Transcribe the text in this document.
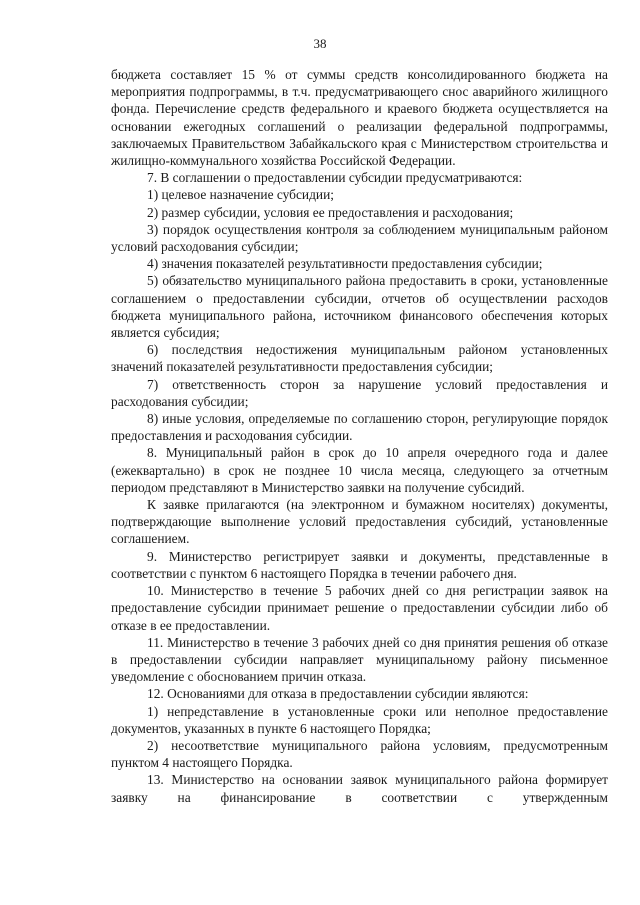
38

бюджета составляет 15 % от суммы средств консолидированного бюджета на мероприятия подпрограммы, в т.ч. предусматривающего снос аварийного жилищного фонда. Перечисление средств федерального и краевого бюджета осуществляется на основании ежегодных соглашений о реализации федеральной подпрограммы, заключаемых Правительством Забайкальского края с Министерством строительства и жилищно-коммунального хозяйства Российской Федерации.

7. В соглашении о предоставлении субсидии предусматриваются:

1) целевое назначение субсидии;

2) размер субсидии, условия ее предоставления и расходования;

3) порядок осуществления контроля за соблюдением муниципальным районом условий расходования субсидии;

4) значения показателей результативности предоставления субсидии;

5) обязательство муниципального района предоставить в сроки, установленные соглашением о предоставлении субсидии, отчетов об осуществлении расходов бюджета муниципального района, источником финансового обеспечения которых является субсидия;

6) последствия недостижения муниципальным районом установленных значений показателей результативности предоставления субсидии;

7) ответственность сторон за нарушение условий предоставления и расходования субсидии;

8) иные условия, определяемые по соглашению сторон, регулирующие порядок предоставления и расходования субсидии.

8. Муниципальный район в срок до 10 апреля очередного года и далее (ежеквартально) в срок не позднее 10 числа месяца, следующего за отчетным периодом представляют в Министерство заявки на получение субсидий.

К заявке прилагаются (на электронном и бумажном носителях) документы, подтверждающие выполнение условий предоставления субсидий, установленные соглашением.

9. Министерство регистрирует заявки и документы, представленные в соответствии с пунктом 6 настоящего Порядка в течении рабочего дня.

10. Министерство в течение 5 рабочих дней со дня регистрации заявок на предоставление субсидии принимает решение о предоставлении субсидии либо об отказе в ее предоставлении.

11. Министерство в течение 3 рабочих дней со дня принятия решения об отказе в предоставлении субсидии направляет муниципальному району письменное уведомление с обоснованием причин отказа.

12. Основаниями для отказа в предоставлении субсидии являются:

1) непредставление в установленные сроки или неполное предоставление документов, указанных в пункте 6 настоящего Порядка;

2) несоответствие муниципального района условиям, предусмотренным пунктом 4 настоящего Порядка.

13. Министерство на основании заявок муниципального района формирует заявку на финансирование в соответствии с утвержденным
